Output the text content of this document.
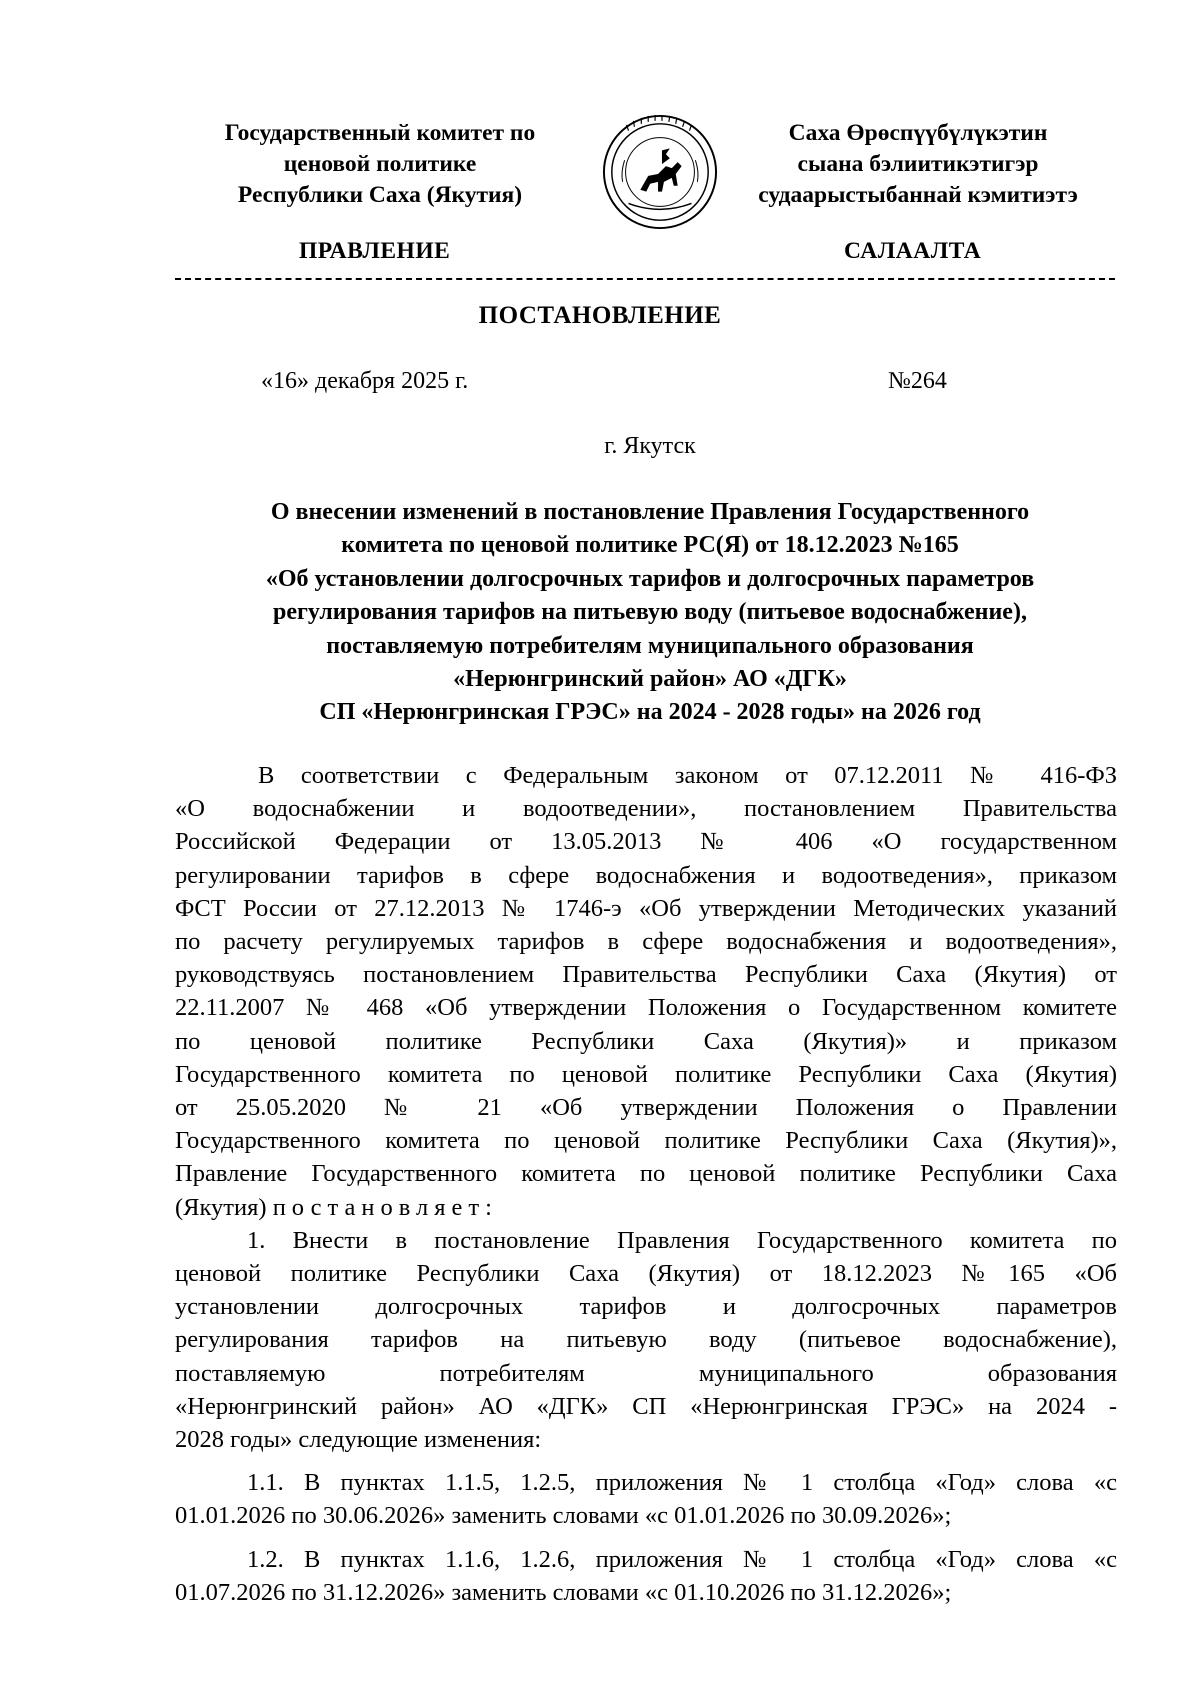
Государственный комитет по
ценовой политике
Республики Саха (Якутия)
Саха Өрөспүүбүлүкэтин
сыана бэлиитикэтигэр
судаарыстыбаннай кэмитиэтэ
ПРАВЛЕНИЕ	САЛААЛТА
ПОСТАНОВЛЕНИЕ
«16» декабря 2025 г.	№264
г. Якутск
О внесении изменений в постановление Правления Государственного
комитета по ценовой политике РС(Я) от 18.12.2023 №165
«Об установлении долгосрочных тарифов и долгосрочных параметров
регулирования тарифов на питьевую воду (питьевое водоснабжение),
поставляемую потребителям муниципального образования
«Нерюнгринский район» АО «ДГК»
СП «Нерюнгринская ГРЭС» на 2024 - 2028 годы» на 2026 год
В соответствии с Федеральным законом от 07.12.2011 № 416-ФЗ
«О водоснабжении и водоотведении», постановлением Правительства
Российской Федерации от 13.05.2013 № 406 «О государственном
регулировании тарифов в сфере водоснабжения и водоотведения», приказом
ФСТ России от 27.12.2013 № 1746-э «Об утверждении Методических указаний
по расчету регулируемых тарифов в сфере водоснабжения и водоотведения»,
руководствуясь постановлением Правительства Республики Саха (Якутия) от
22.11.2007 № 468 «Об утверждении Положения о Государственном комитете
по ценовой политике Республики Саха (Якутия)» и приказом
Государственного комитета по ценовой политике Республики Саха (Якутия)
от 25.05.2020 № 21 «Об утверждении Положения о Правлении
Государственного комитета по ценовой политике Республики Саха (Якутия)»,
Правление Государственного комитета по ценовой политике Республики Саха
(Якутия) постановляет:
1. Внести в постановление Правления Государственного комитета по
ценовой политике Республики Саха (Якутия) от 18.12.2023 №165 «Об
установлении долгосрочных тарифов и долгосрочных параметров
регулирования тарифов на питьевую воду (питьевое водоснабжение),
поставляемую потребителям муниципального образования
«Нерюнгринский район» АО «ДГК» СП «Нерюнгринская ГРЭС» на 2024 -
2028 годы» следующие изменения:
1.1. В пунктах 1.1.5, 1.2.5, приложения № 1 столбца «Год» слова «с
01.01.2026 по 30.06.2026» заменить словами «с 01.01.2026 по 30.09.2026»;
1.2. В пунктах 1.1.6, 1.2.6, приложения № 1 столбца «Год» слова «с
01.07.2026 по 31.12.2026» заменить словами «с 01.10.2026 по 31.12.2026»;
